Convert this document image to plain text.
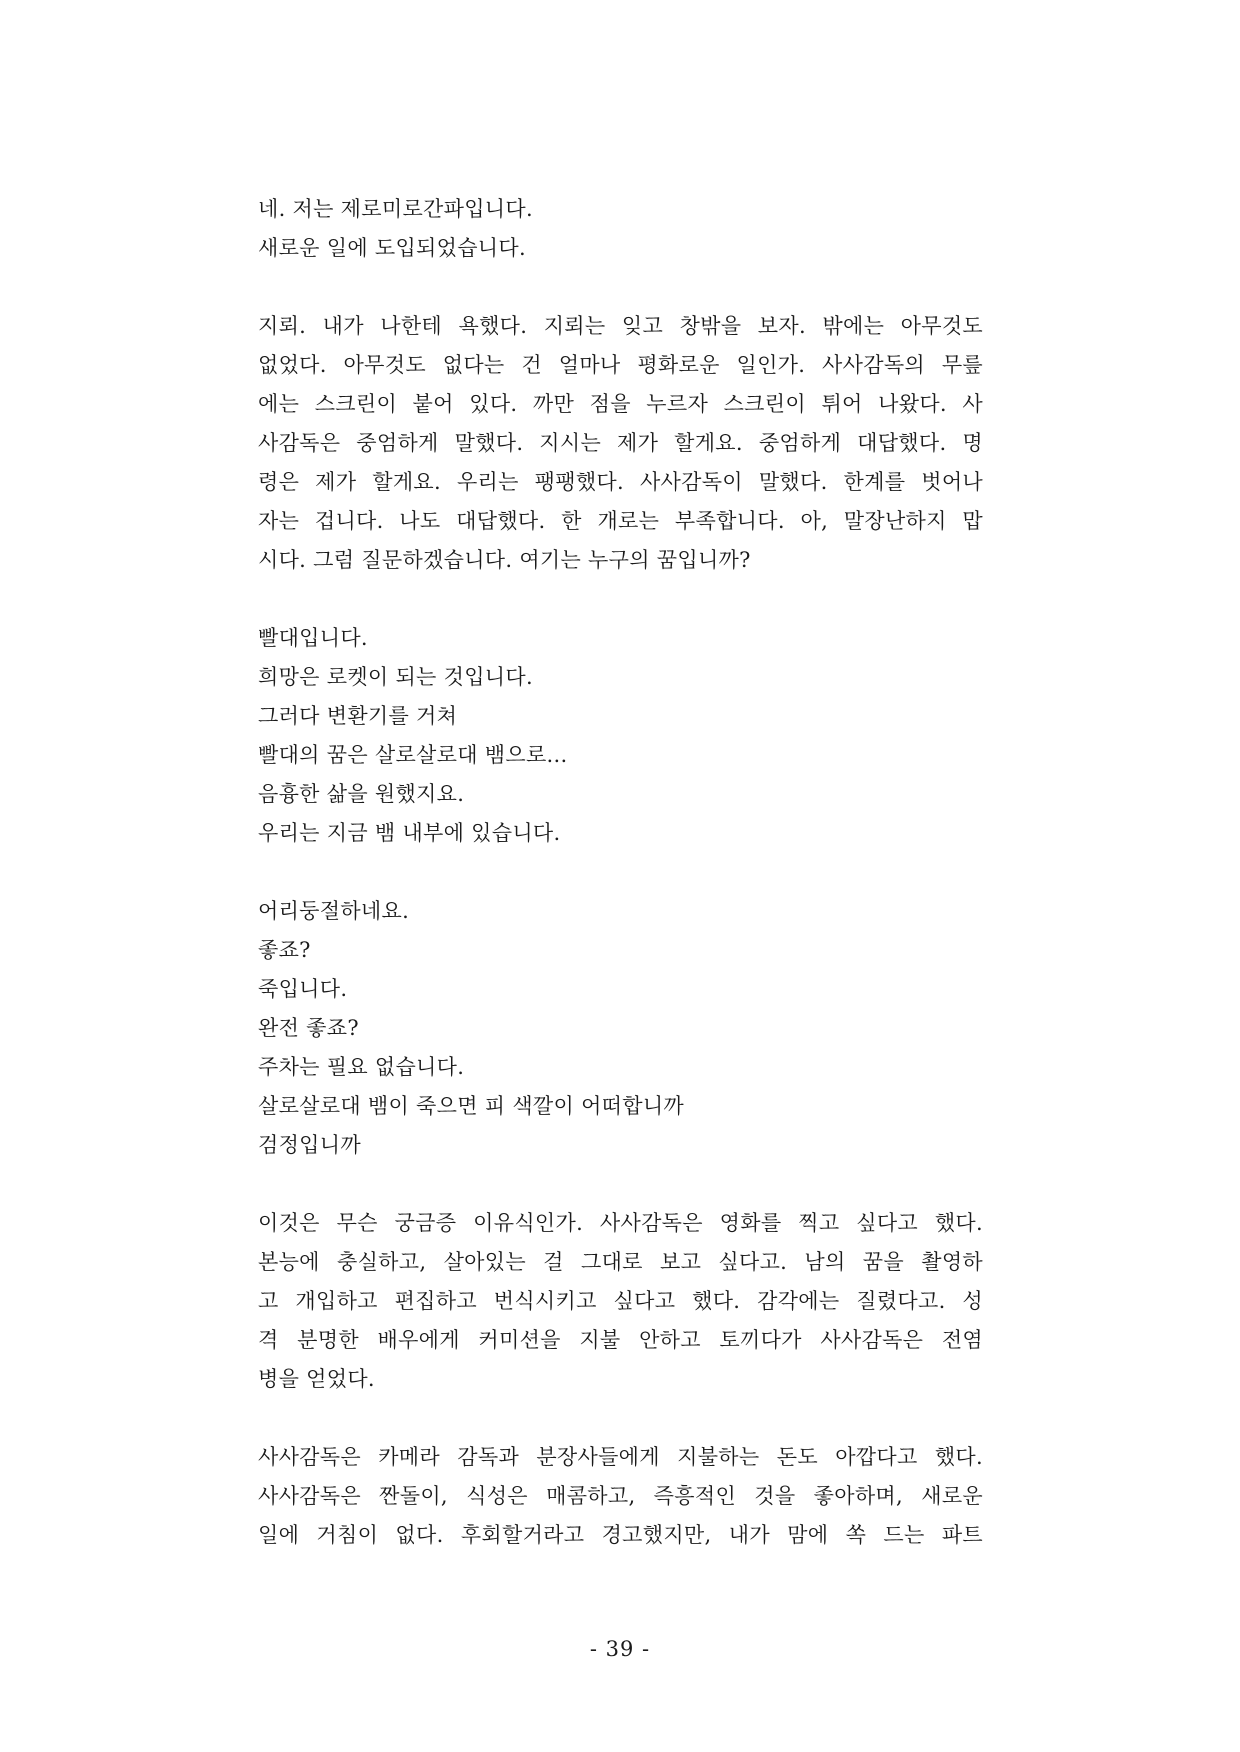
네. 저는 제로미로간파입니다.
새로운 일에 도입되었습니다.
지뢰. 내가 나한테 욕했다. 지뢰는 잊고 창밖을 보자. 밖에는 아무것도
없었다. 아무것도 없다는 건 얼마나 평화로운 일인가. 사사감독의 무릎
에는 스크린이 붙어 있다. 까만 점을 누르자 스크린이 튀어 나왔다. 사
사감독은 중엄하게 말했다. 지시는 제가 할게요. 중엄하게 대답했다. 명
령은 제가 할게요. 우리는 팽팽했다. 사사감독이 말했다. 한계를 벗어나
자는 겁니다. 나도 대답했다. 한 개로는 부족합니다. 아, 말장난하지 맙
시다. 그럼 질문하겠습니다. 여기는 누구의 꿈입니까?
빨대입니다.
희망은 로켓이 되는 것입니다.
그러다 변환기를 거쳐
빨대의 꿈은 살로살로대 뱀으로...
음흉한 삶을 원했지요.
우리는 지금 뱀 내부에 있습니다.
어리둥절하네요.
좋죠?
죽입니다.
완전 좋죠?
주차는 필요 없습니다.
살로살로대 뱀이 죽으면 피 색깔이 어떠합니까
검정입니까
이것은 무슨 궁금증 이유식인가. 사사감독은 영화를 찍고 싶다고 했다.
본능에 충실하고, 살아있는 걸 그대로 보고 싶다고. 남의 꿈을 촬영하
고 개입하고 편집하고 번식시키고 싶다고 했다. 감각에는 질렸다고. 성
격 분명한 배우에게 커미션을 지불 안하고 토끼다가 사사감독은 전염
병을 얻었다.
사사감독은 카메라 감독과 분장사들에게 지불하는 돈도 아깝다고 했다.
사사감독은 짠돌이, 식성은 매콤하고, 즉흥적인 것을 좋아하며, 새로운
일에 거침이 없다. 후회할거라고 경고했지만, 내가 맘에 쏙 드는 파트
- 39 -
